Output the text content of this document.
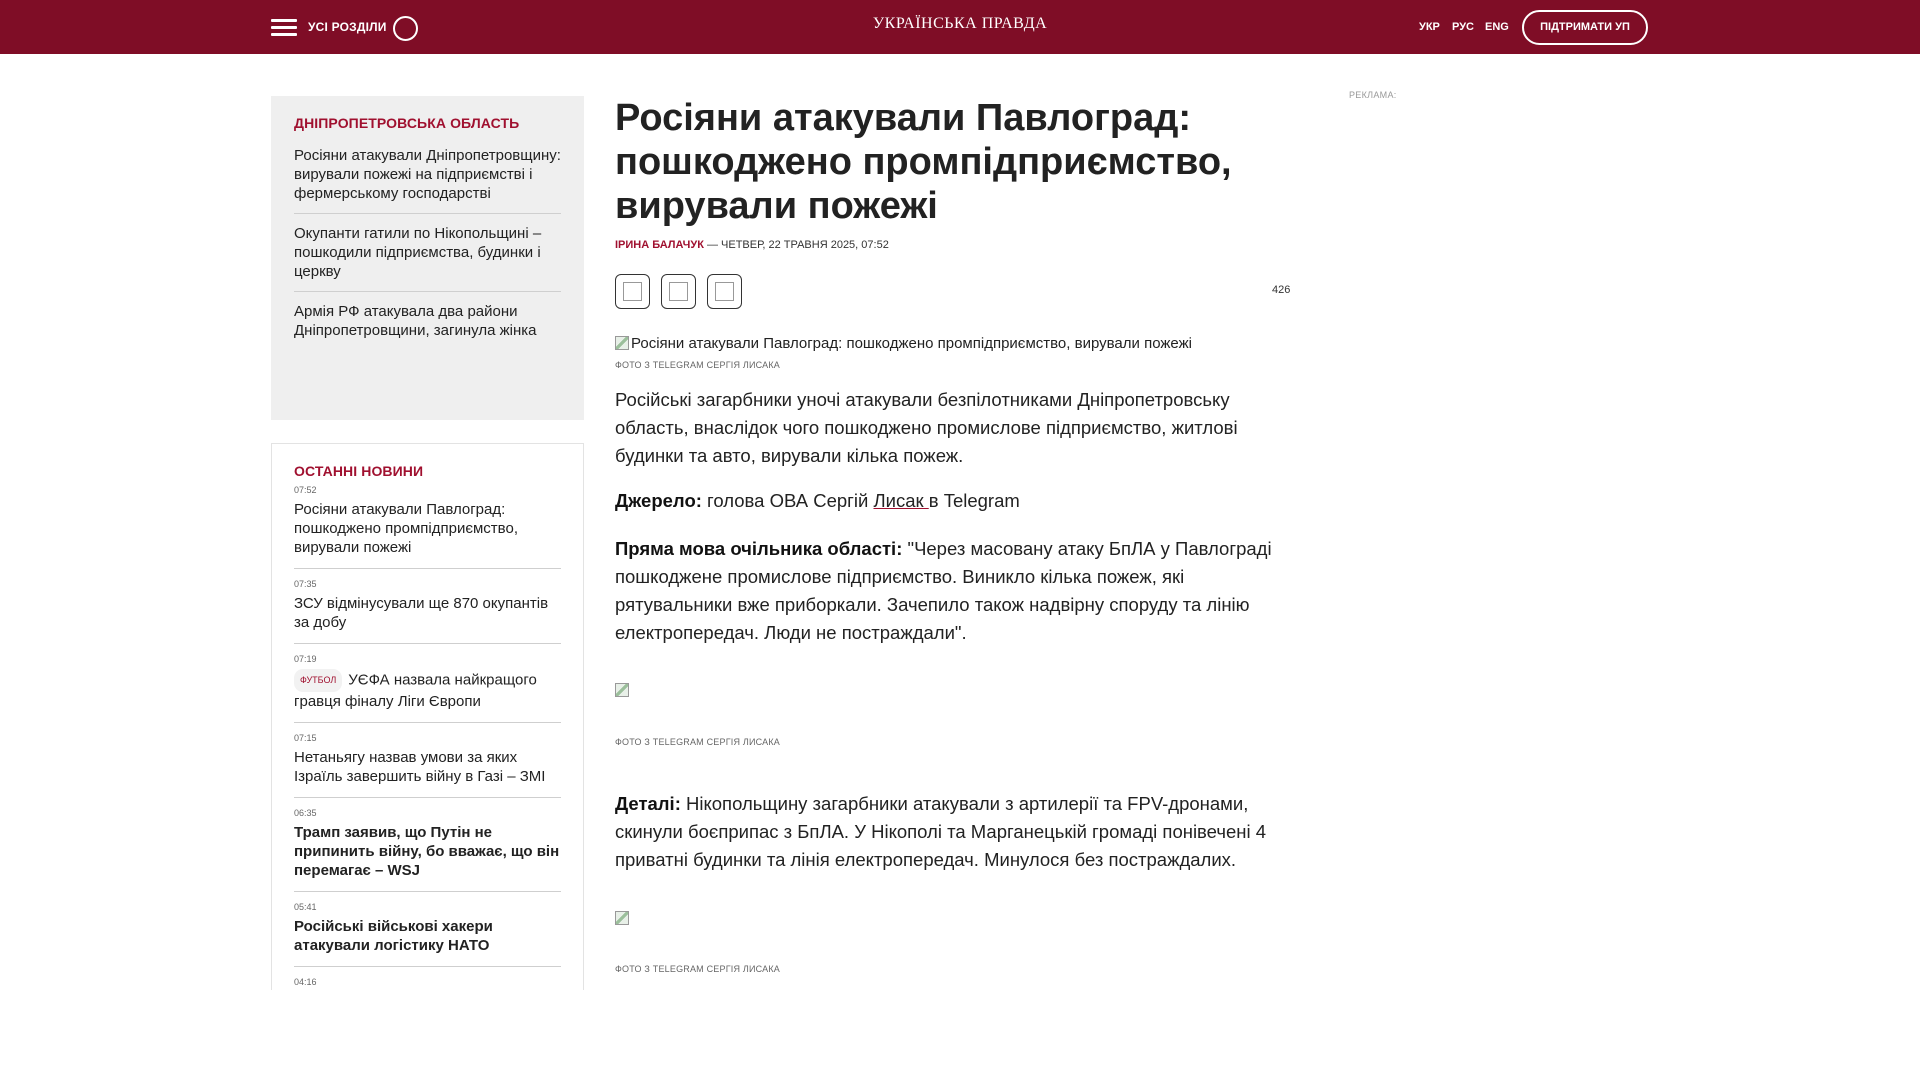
УСІ РОЗДІЛИ	УКРАЇНСЬКА ПРАВДА	УКР РУС ENG	ПІДТРИМАТИ УП
ДНІПРОПЕТРОВСЬКА ОБЛАСТЬ
Росіяни атакували Дніпропетровщину: вирували пожежі на підприємстві і фермерському господарстві
Окупанти гатили по Нікопольщині – пошкодили підприємства, будинки і церкву
Армія РФ атакувала два райони Дніпропетровщини, загинула жінка
ОСТАННІ НОВИНИ
07:52
Росіяни атакували Павлоград: пошкоджено промпідприємство, вирували пожежі
07:35
ЗСУ відмінусували ще 870 окупантів за добу
07:19
ФУТБОЛ УЄФА назвала найкращого гравця фіналу Ліги Європи
07:15
Нетаньягу назвав умови за яких Ізраїль завершить війну в Газі – ЗМІ
06:35
Трамп заявив, що Путін не припинить війну, бо вважає, що він перемагає – WSJ
05:41
Російські військові хакери атакували логістику НАТО
04:16
Росіяни атакували Павлоград: пошкоджено промпідприємство, вирували пожежі
ІРИНА БАЛАЧУК — ЧЕТВЕР, 22 ТРАВНЯ 2025, 07:52
426
Росіяни атакували Павлоград: пошкоджено промпідприємство, вирували пожежі
ФОТО З TELEGRAM СЕРГІЯ ЛИСАКА

Російські загарбники уночі атакували безпілотниками Дніпропетровську область, внаслідок чого пошкоджено промислове підприємство, житлові будинки та авто, вирували кілька пожеж.

Джерело: голова ОВА Сергій Лисак в Telegram

Пряма мова очільника області: "Через масовану атаку БпЛА у Павлограді пошкоджене промислове підприємство. Виникло кілька пожеж, які рятувальники вже приборкали. Зачепило також надвірну споруду та лінію електропередач. Люди не постраждали".

ФОТО З TELEGRAM СЕРГІЯ ЛИСАКА

Деталі: Нікопольщину загарбники атакували з артилерії та FPV-дронами, скинули боєприпас з БпЛА. У Нікополі та Марганецькій громаді понівечені 4 приватні будинки та лінія електропередач. Минулося без постраждалих.

ФОТО З TELEGRAM СЕРГІЯ ЛИСАКА
РЕКЛАМА:
